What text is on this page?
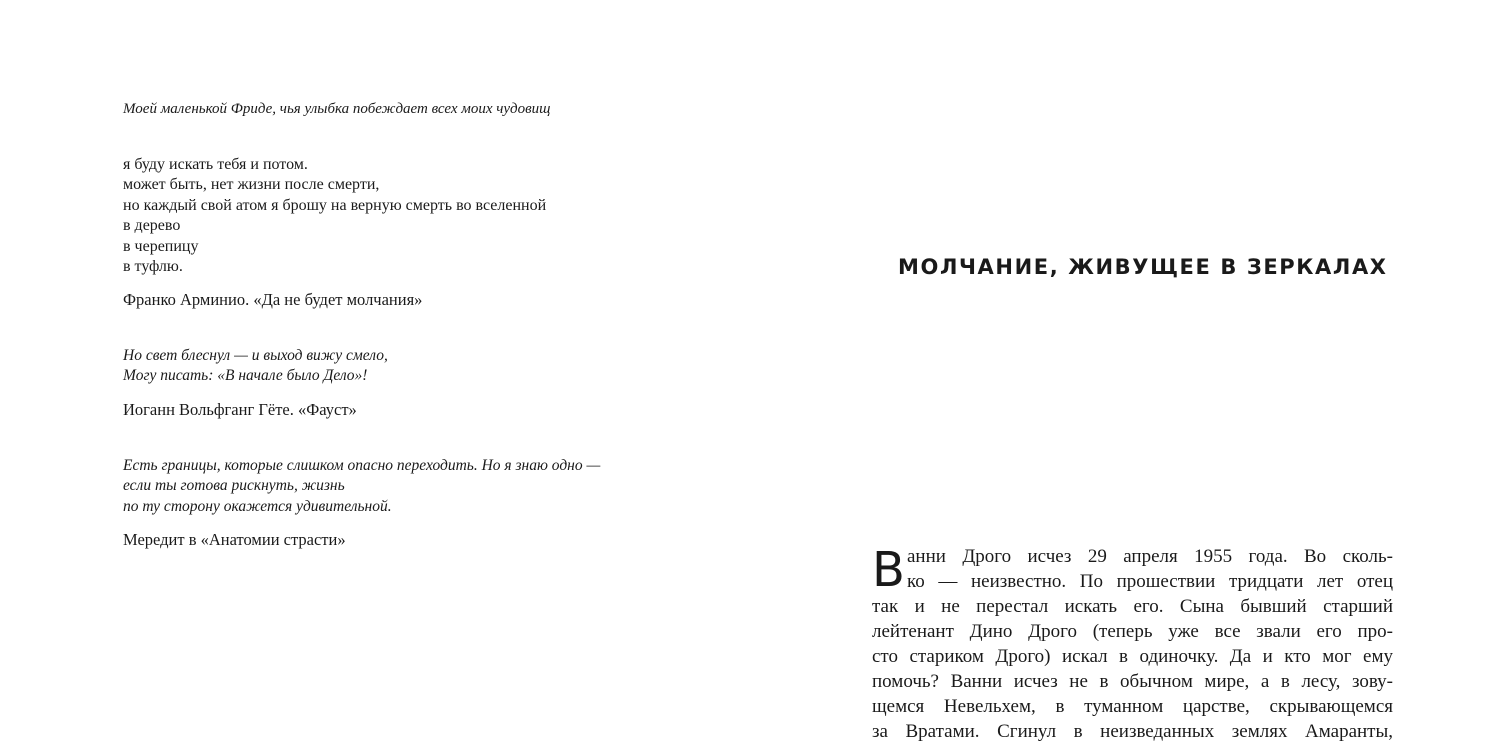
Моей маленькой Фриде, чья улыбка побеждает всех моих чудовищ
я буду искать тебя и потом.
может быть, нет жизни после смерти,
но каждый свой атом я брошу на верную смерть во вселенной
в дерево
в черепицу
в туфлю.
Франко Арминио. «Да не будет молчания»
Но свет блеснул — и выход вижу смело,
Могу писать: «В начале было Дело»!
Иоганн Вольфганг Гёте. «Фауст»
Есть границы, которые слишком опасно переходить. Но я знаю одно —
если ты готова рискнуть, жизнь
по ту сторону окажется удивительной.
Мередит в «Анатомии страсти»
МОЛЧАНИЕ, ЖИВУЩЕЕ В ЗЕРКАЛАХ
В анни Дрого исчез 29 апреля 1955 года. Во сколь-
ко — неизвестно. По прошествии тридцати лет отец
так и не перестал искать его. Сына бывший старший
лейтенант Дино Дрого (теперь уже все звали его про-
сто стариком Дрого) искал в одиночку. Да и кто мог ему
помочь? Ванни исчез не в обычном мире, а в лесу, зову-
щемся Невельхем, в туманном царстве, скрывающемся
за Вратами. Сгинул в неизведанных землях Амаранты,
